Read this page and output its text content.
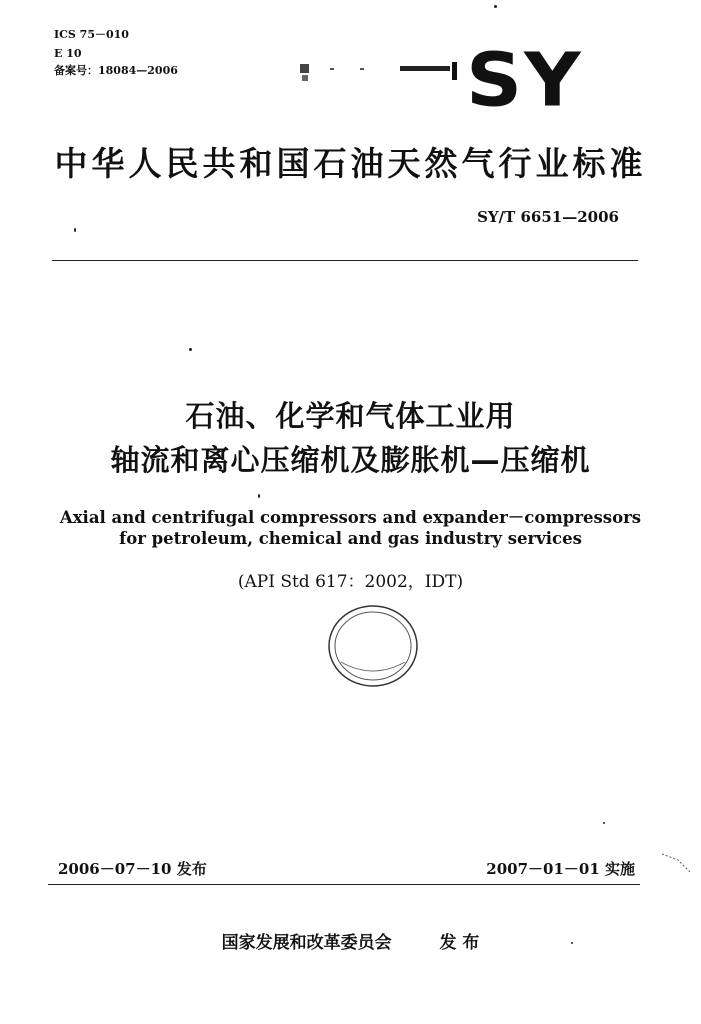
ICS 75－010
E 10
备案号：18084—2006	SY
中华人民共和国石油天然气行业标准
SY/T 6651—2006
石油、化学和气体工业用
轴流和离心压缩机及膨胀机—压缩机
Axial and centrifugal compressors and expander－compressors
for petroleum, chemical and gas industry services
(API Std 617：2002，IDT)
2006－07－10 发布	2007－01－01 实施
国家发展和改革委员会	发 布
